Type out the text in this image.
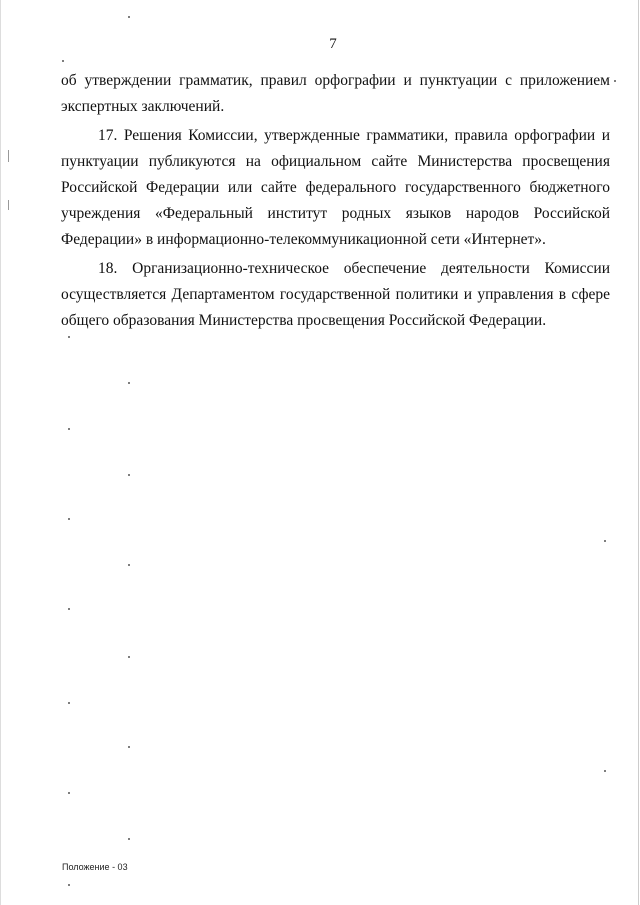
7

об утверждении грамматик, правил орфографии и пунктуации с приложением экспертных заключений.

17. Решения Комиссии, утвержденные грамматики, правила орфографии и пунктуации публикуются на официальном сайте Министерства просвещения Российской Федерации или сайте федерального государственного бюджетного учреждения «Федеральный институт родных языков народов Российской Федерации» в информационно-телекоммуникационной сети «Интернет».

18. Организационно-техническое обеспечение деятельности Комиссии осуществляется Департаментом государственной политики и управления в сфере общего образования Министерства просвещения Российской Федерации.

Положение - 03
